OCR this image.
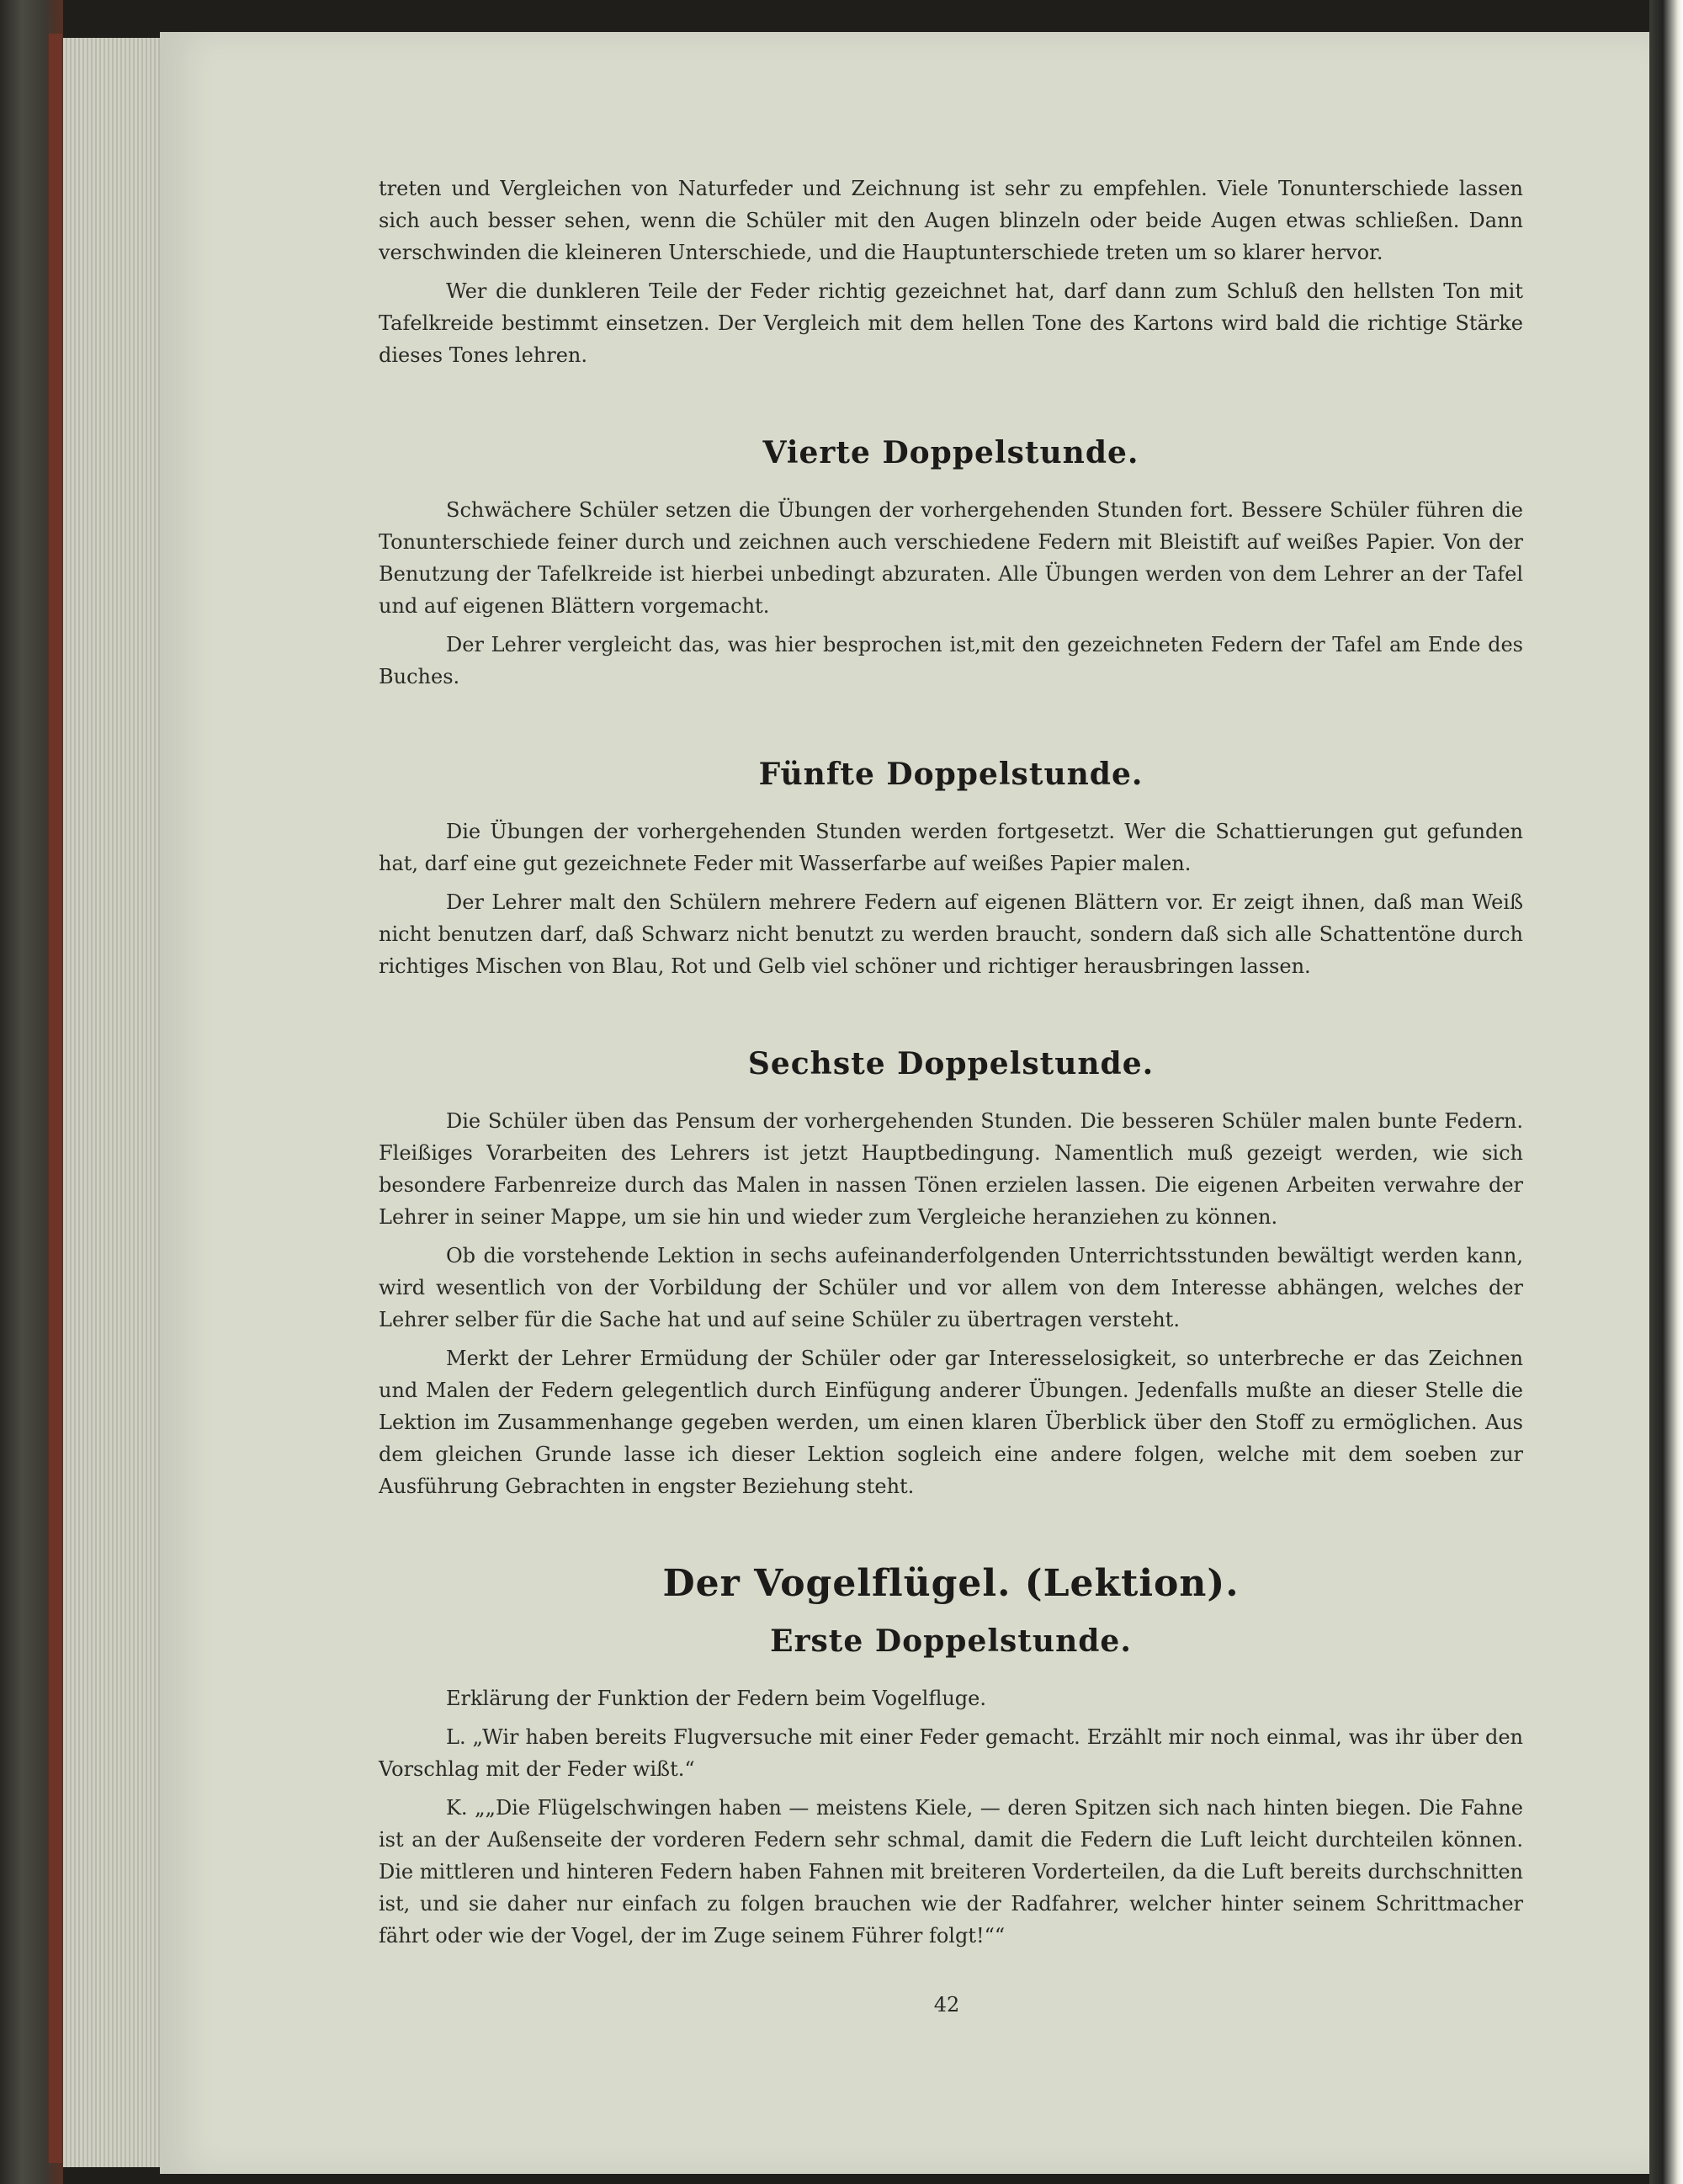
treten und Vergleichen von Naturfeder und Zeichnung ist sehr zu empfehlen. Viele Tonunterschiede lassen sich auch besser sehen, wenn die Schüler mit den Augen blinzeln oder beide Augen etwas schließen. Dann verschwinden die kleineren Unterschiede, und die Hauptunterschiede treten um so klarer hervor.

Wer die dunkleren Teile der Feder richtig gezeichnet hat, darf dann zum Schluß den hellsten Ton mit Tafelkreide bestimmt einsetzen. Der Vergleich mit dem hellen Tone des Kartons wird bald die richtige Stärke dieses Tones lehren.

Vierte Doppelstunde.

Schwächere Schüler setzen die Übungen der vorhergehenden Stunden fort. Bessere Schüler führen die Tonunterschiede feiner durch und zeichnen auch verschiedene Federn mit Bleistift auf weißes Papier. Von der Benutzung der Tafelkreide ist hierbei unbedingt abzuraten. Alle Übungen werden von dem Lehrer an der Tafel und auf eigenen Blättern vorgemacht.

Der Lehrer vergleicht das, was hier besprochen ist,mit den gezeichneten Federn der Tafel am Ende des Buches.

Fünfte Doppelstunde.

Die Übungen der vorhergehenden Stunden werden fortgesetzt. Wer die Schattierungen gut gefunden hat, darf eine gut gezeichnete Feder mit Wasserfarbe auf weißes Papier malen.

Der Lehrer malt den Schülern mehrere Federn auf eigenen Blättern vor. Er zeigt ihnen, daß man Weiß nicht benutzen darf, daß Schwarz nicht benutzt zu werden braucht, sondern daß sich alle Schattentöne durch richtiges Mischen von Blau, Rot und Gelb viel schöner und richtiger herausbringen lassen.

Sechste Doppelstunde.

Die Schüler üben das Pensum der vorhergehenden Stunden. Die besseren Schüler malen bunte Federn. Fleißiges Vorarbeiten des Lehrers ist jetzt Hauptbedingung. Namentlich muß gezeigt werden, wie sich besondere Farbenreize durch das Malen in nassen Tönen erzielen lassen. Die eigenen Arbeiten verwahre der Lehrer in seiner Mappe, um sie hin und wieder zum Vergleiche heranziehen zu können.

Ob die vorstehende Lektion in sechs aufeinanderfolgenden Unterrichtsstunden bewältigt werden kann, wird wesentlich von der Vorbildung der Schüler und vor allem von dem Interesse abhängen, welches der Lehrer selber für die Sache hat und auf seine Schüler zu übertragen versteht.

Merkt der Lehrer Ermüdung der Schüler oder gar Interesselosigkeit, so unterbreche er das Zeichnen und Malen der Federn gelegentlich durch Einfügung anderer Übungen. Jedenfalls mußte an dieser Stelle die Lektion im Zusammenhange gegeben werden, um einen klaren Überblick über den Stoff zu ermöglichen. Aus dem gleichen Grunde lasse ich dieser Lektion sogleich eine andere folgen, welche mit dem soeben zur Ausführung Gebrachten in engster Beziehung steht.

Der Vogelflügel. (Lektion).
Erste Doppelstunde.

Erklärung der Funktion der Federn beim Vogelfluge.

L. „Wir haben bereits Flugversuche mit einer Feder gemacht. Erzählt mir noch einmal, was ihr über den Vorschlag mit der Feder wißt.“

K. „„Die Flügelschwingen haben — meistens Kiele, — deren Spitzen sich nach hinten biegen. Die Fahne ist an der Außenseite der vorderen Federn sehr schmal, damit die Federn die Luft leicht durchteilen können. Die mittleren und hinteren Federn haben Fahnen mit breiteren Vorderteilen, da die Luft bereits durchschnitten ist, und sie daher nur einfach zu folgen brauchen wie der Radfahrer, welcher hinter seinem Schrittmacher fährt oder wie der Vogel, der im Zuge seinem Führer folgt!““

42
